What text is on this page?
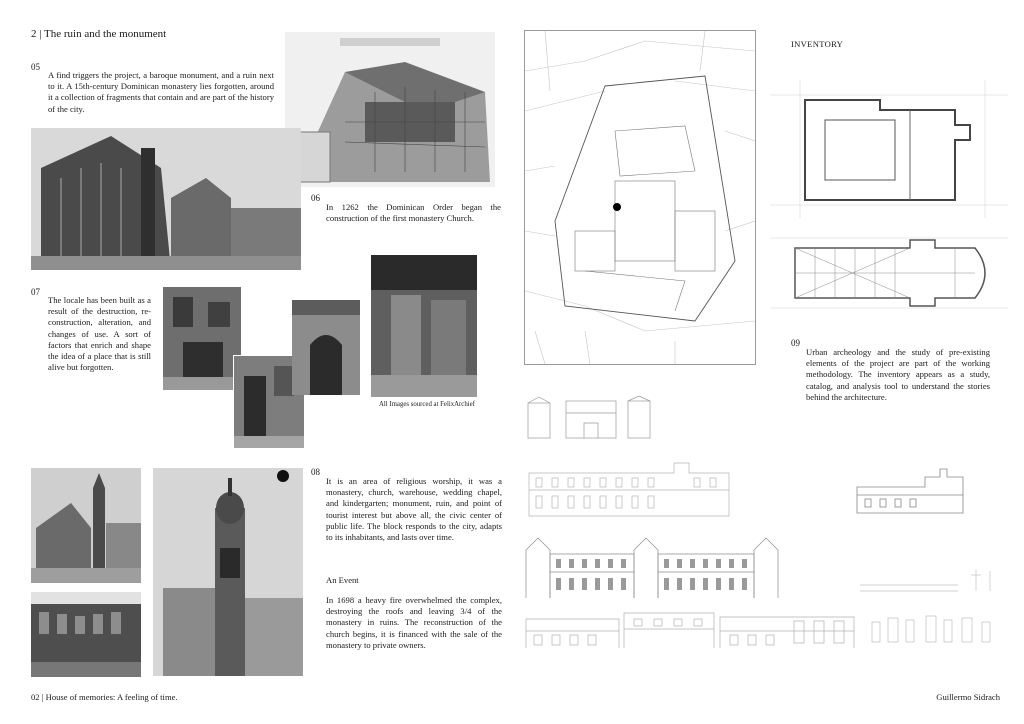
2 | The ruin and the monument
05
A find triggers the project, a baroque monument, and a ruin next to it. A 15th-century Dominican monastery lies forgotten, around it a collection of fragments that contain and are part of the history of the city.
06
In 1262 the Dominican Order began the construction of the first monastery Church.
07
The locale has been built as a result of the destruction, re-construction, alteration, and changes of use. A sort of factors that enrich and shape the idea of a place that is still alive but forgotten.
All Images sourced at FelixArchief
08
It is an area of religious worship, it was a monastery, church, warehouse, wedding chapel, and kindergarten; monument, ruin, and point of tourist interest but above all, the civic center of public life. The block responds to the city, adapts to its inhabitants, and lasts over time.
An Event
In 1698 a heavy fire overwhelmed the complex, destroying the roofs and leaving 3/4 of the monastery in ruins. The reconstruction of the church begins, it is financed with the sale of the monastery to private owners.
INVENTORY
09
Urban archeology and the study of pre-existing elements of the project are part of the working methodology. The inventory appears as a study, catalog, and analysis tool to understand the stories behind the architecture.
02 | House of memories: A feeling of time.	Guillermo Sidrach
